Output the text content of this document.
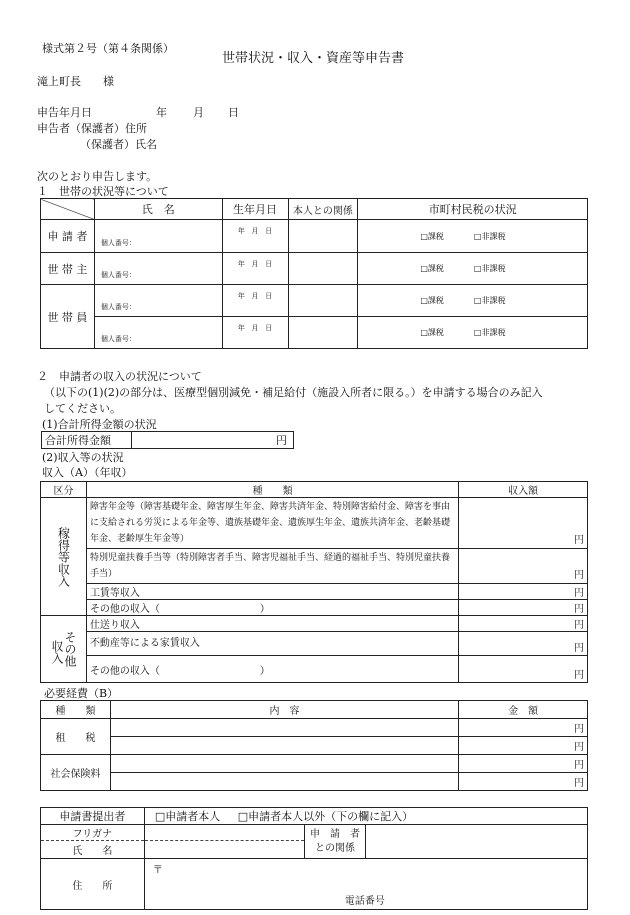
様式第２号（第４条関係）
世帯状況・収入・資産等申告書
滝上町長　　様
申告年月日	年 月 日
申告者（保護者）住所
（保護者）氏名
次のとおり申告します。
１　世帯の状況等について
	氏　名	生年月日	本人との関係	市町村民税の状況
申 請 者	個人番号：	年 月 日		□課税 □非課税
世 帯 主	個人番号：	年 月 日		□課税 □非課税
世 帯 員	個人番号：	年 月 日		□課税 □非課税
	個人番号：	年 月 日		□課税 □非課税
２　申請者の収入の状況について
（以下の(1)(2)の部分は、医療型個別減免・補足給付（施設入所者に限る。）を申請する場合のみ記入
してください。
(1)合計所得金額の状況
合計所得金額	円
(2)収入等の状況
収入（A）（年収）
区分	種　　類	収入額

稼得等収入	障害年金等（障害基礎年金、障害厚生年金、障害共済年金、特別障害給付金、障害を事由に支給される労災による年金等、遺族基礎年金、遺族厚生年金、遺族共済年金、老齢基礎年金、老齢厚生年金等）	円
	特別児童扶養手当等（特別障害者手当、障害児福祉手当、経過的福祉手当、特別児童扶養手当）	円
	工賃等収入	円
	その他の収入（　　　　　　　　　　）	円

その他
収入	仕送り収入	円
	不動産等による家賃収入	円
	その他の収入（　　　　　　　　　　）	円
必要経費（B）
種　　類	内　容	金　額
租　　税		円
		円
社会保険料		円
		円
申請書提出者	□申請者本人 □申請者本人以外（下の欄に記入）		
フリガナ		申　請　者
との関係	
氏　　名			
住　　所	〒
電話番号		
